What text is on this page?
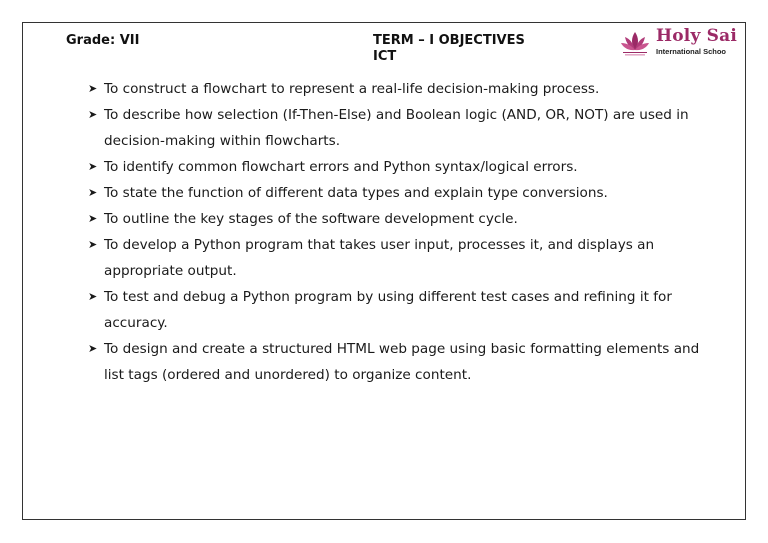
Grade: VII	TERM – I OBJECTIVES
ICT
Holy Sai
International Schoo
➤ To construct a flowchart to represent a real-life decision-making process.
➤ To describe how selection (If-Then-Else) and Boolean logic (AND, OR, NOT) are used in decision-making within flowcharts.
➤ To identify common flowchart errors and Python syntax/logical errors.
➤ To state the function of different data types and explain type conversions.
➤ To outline the key stages of the software development cycle.
➤ To develop a Python program that takes user input, processes it, and displays an appropriate output.
➤ To test and debug a Python program by using different test cases and refining it for accuracy.
➤ To design and create a structured HTML web page using basic formatting elements and list tags (ordered and unordered) to organize content.
